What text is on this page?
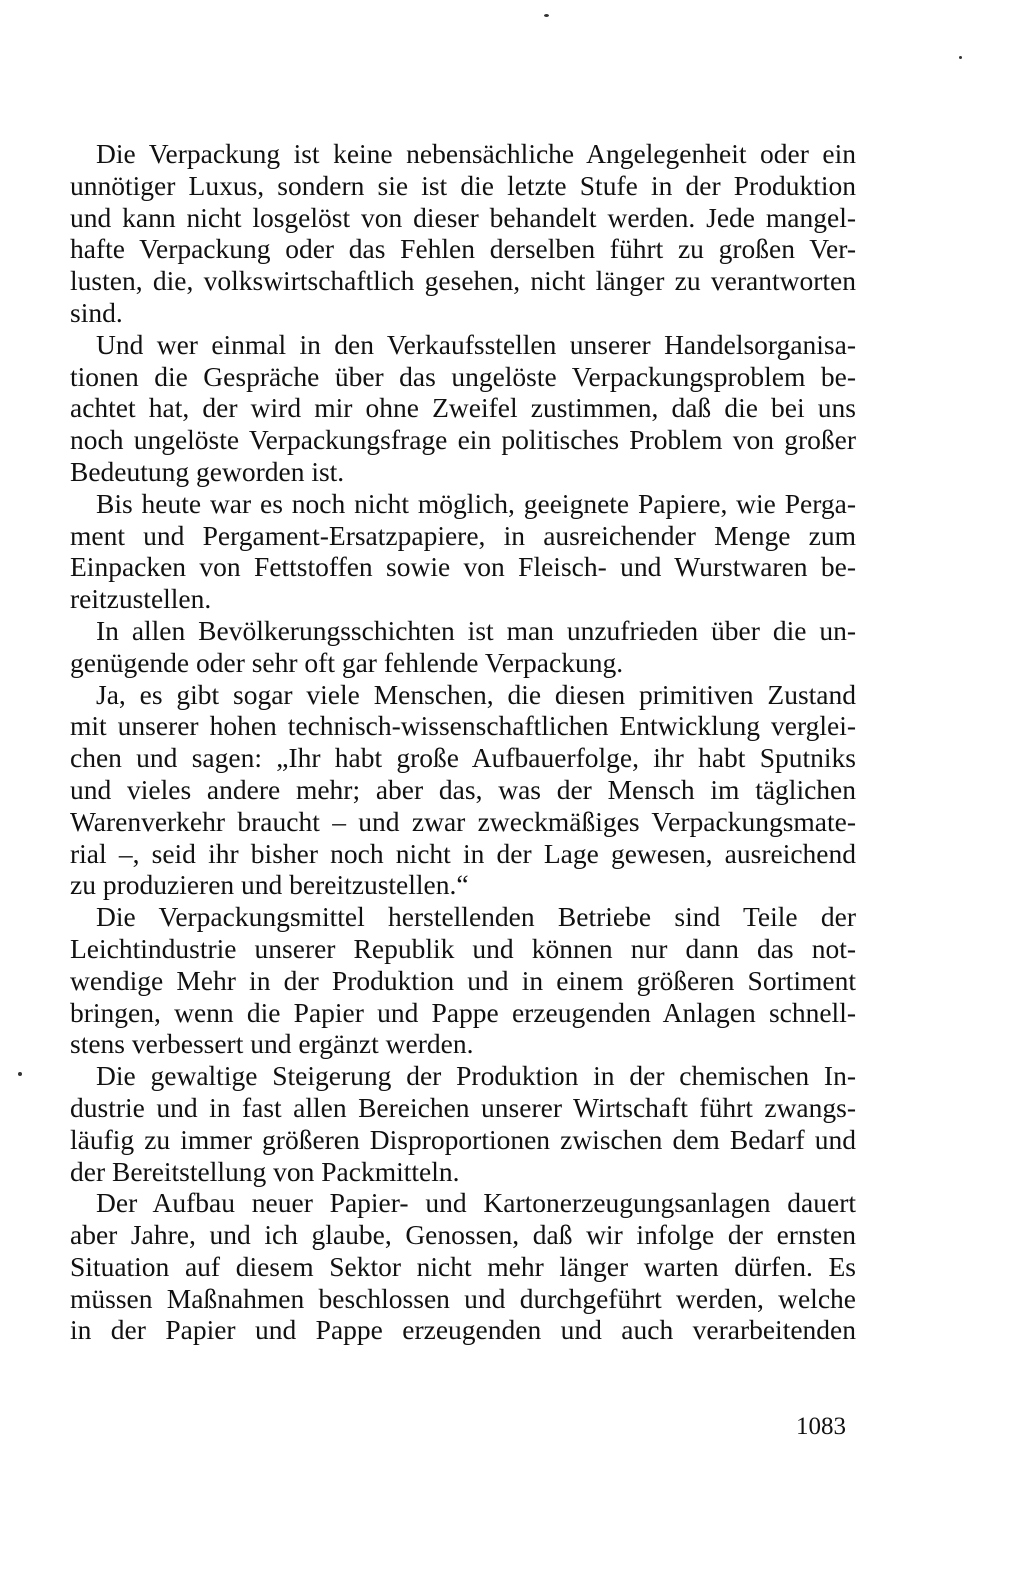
Die Verpackung ist keine nebensächliche Angelegenheit oder ein
unnötiger Luxus, sondern sie ist die letzte Stufe in der Produktion
und kann nicht losgelöst von dieser behandelt werden. Jede mangel-
hafte Verpackung oder das Fehlen derselben führt zu großen Ver-
lusten, die, volkswirtschaftlich gesehen, nicht länger zu verantworten
sind.
Und wer einmal in den Verkaufsstellen unserer Handelsorganisa-
tionen die Gespräche über das ungelöste Verpackungsproblem be-
achtet hat, der wird mir ohne Zweifel zustimmen, daß die bei uns
noch ungelöste Verpackungsfrage ein politisches Problem von großer
Bedeutung geworden ist.
Bis heute war es noch nicht möglich, geeignete Papiere, wie Perga-
ment und Pergament-Ersatzpapiere, in ausreichender Menge zum
Einpacken von Fettstoffen sowie von Fleisch- und Wurstwaren be-
reitzustellen.
In allen Bevölkerungsschichten ist man unzufrieden über die un-
genügende oder sehr oft gar fehlende Verpackung.
Ja, es gibt sogar viele Menschen, die diesen primitiven Zustand
mit unserer hohen technisch-wissenschaftlichen Entwicklung verglei-
chen und sagen: „Ihr habt große Aufbauerfolge, ihr habt Sputniks
und vieles andere mehr; aber das, was der Mensch im täglichen
Warenverkehr braucht – und zwar zweckmäßiges Verpackungsmate-
rial –, seid ihr bisher noch nicht in der Lage gewesen, ausreichend
zu produzieren und bereitzustellen.“
Die Verpackungsmittel herstellenden Betriebe sind Teile der
Leichtindustrie unserer Republik und können nur dann das not-
wendige Mehr in der Produktion und in einem größeren Sortiment
bringen, wenn die Papier und Pappe erzeugenden Anlagen schnell-
stens verbessert und ergänzt werden.
Die gewaltige Steigerung der Produktion in der chemischen In-
dustrie und in fast allen Bereichen unserer Wirtschaft führt zwangs-
läufig zu immer größeren Disproportionen zwischen dem Bedarf und
der Bereitstellung von Packmitteln.
Der Aufbau neuer Papier- und Kartonerzeugungsanlagen dauert
aber Jahre, und ich glaube, Genossen, daß wir infolge der ernsten
Situation auf diesem Sektor nicht mehr länger warten dürfen. Es
müssen Maßnahmen beschlossen und durchgeführt werden, welche
in der Papier und Pappe erzeugenden und auch verarbeitenden
1083
